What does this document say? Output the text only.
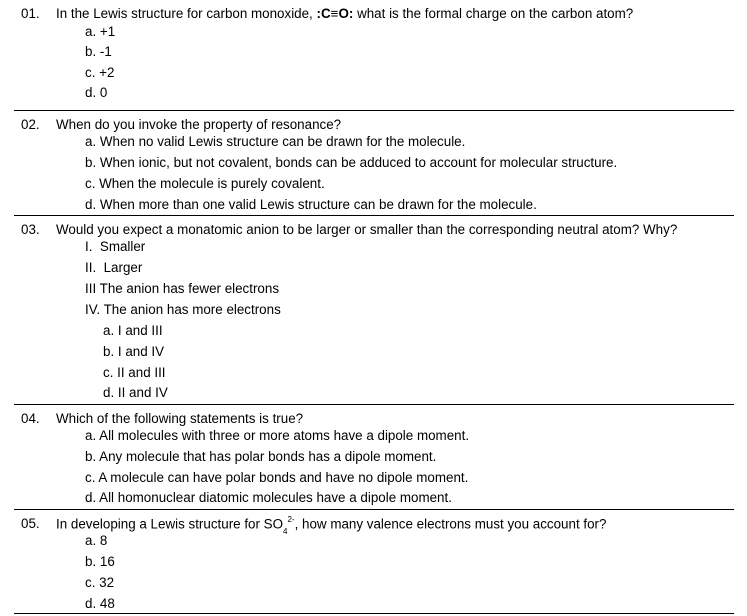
01. In the Lewis structure for carbon monoxide, :C≡O: what is the formal charge on the carbon atom?
a. +1
b. -1
c. +2
d. 0
02. When do you invoke the property of resonance?
a. When no valid Lewis structure can be drawn for the molecule.
b. When ionic, but not covalent, bonds can be adduced to account for molecular structure.
c. When the molecule is purely covalent.
d. When more than one valid Lewis structure can be drawn for the molecule.
03. Would you expect a monatomic anion to be larger or smaller than the corresponding neutral atom? Why?
I.  Smaller
II.  Larger
III The anion has fewer electrons
IV. The anion has more electrons
a. I and III
b. I and IV
c. II and III
d. II and IV
04. Which of the following statements is true?
a. All molecules with three or more atoms have a dipole moment.
b. Any molecule that has polar bonds has a dipole moment.
c. A molecule can have polar bonds and have no dipole moment.
d. All homonuclear diatomic molecules have a dipole moment.
05. In developing a Lewis structure for $SO_4^{2-}$, how many valence electrons must you account for?
a. 8
b. 16
c. 32
d. 48
